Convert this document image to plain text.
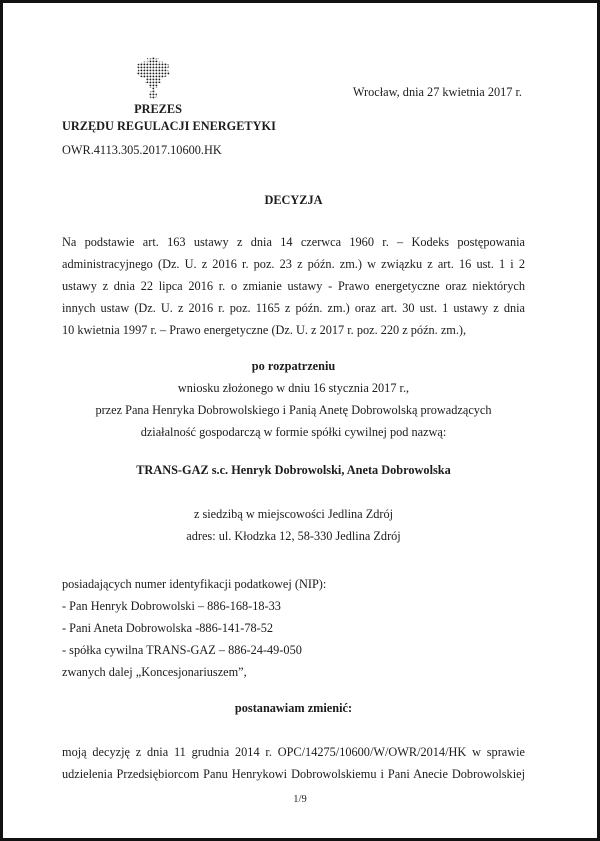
Wrocław, dnia 27 kwietnia 2017 r.
PREZES
URZĘDU REGULACJI ENERGETYKI
OWR.4113.305.2017.10600.HK
DECYZJA
Na podstawie art. 163 ustawy z dnia 14 czerwca 1960 r. – Kodeks postępowania
administracyjnego (Dz. U. z 2016 r. poz. 23 z późn. zm.) w związku z art. 16 ust. 1 i 2
ustawy z dnia 22 lipca 2016 r. o zmianie ustawy - Prawo energetyczne oraz niektórych
innych ustaw (Dz. U. z 2016 r. poz. 1165 z późn. zm.) oraz art. 30 ust. 1 ustawy z dnia
10 kwietnia 1997 r. – Prawo energetyczne (Dz. U. z 2017 r. poz. 220 z późn. zm.),
po rozpatrzeniu
wniosku złożonego w dniu 16 stycznia 2017 r.,
przez Pana Henryka Dobrowolskiego i Panią Anetę Dobrowolską prowadzących
działalność gospodarczą w formie spółki cywilnej pod nazwą:
TRANS-GAZ s.c. Henryk Dobrowolski, Aneta Dobrowolska
z siedzibą w miejscowości Jedlina Zdrój
adres: ul. Kłodzka 12, 58-330 Jedlina Zdrój
posiadających numer identyfikacji podatkowej (NIP):
- Pan Henryk Dobrowolski – 886-168-18-33
- Pani Aneta Dobrowolska -886-141-78-52
- spółka cywilna TRANS-GAZ – 886-24-49-050
zwanych dalej „Koncesjonariuszem”,
postanawiam zmienić:
moją decyzję z dnia 11 grudnia 2014 r. OPC/14275/10600/W/OWR/2014/HK w sprawie
udzielenia Przedsiębiorcom Panu Henrykowi Dobrowolskiemu i Pani Anecie Dobrowolskiej
1/9
